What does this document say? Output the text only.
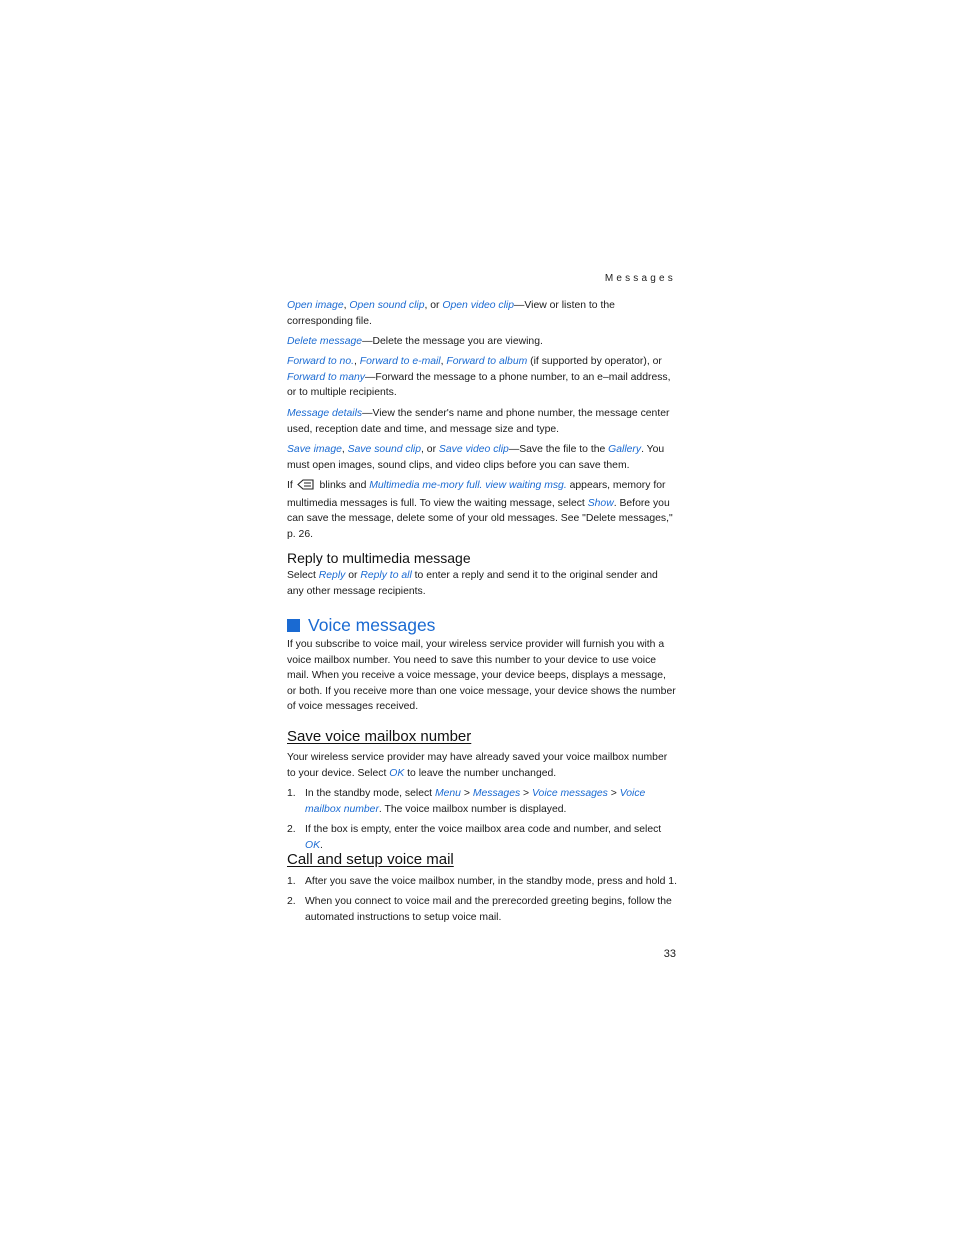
Messages

Open image, Open sound clip, or Open video clip—View or listen to the corresponding file.

Delete message—Delete the message you are viewing.

Forward to no., Forward to e-mail, Forward to album (if supported by operator), or Forward to many—Forward the message to a phone number, to an e–mail address, or to multiple recipients.

Message details—View the sender's name and phone number, the message center used, reception date and time, and message size and type.

Save image, Save sound clip, or Save video clip—Save the file to the Gallery. You must open images, sound clips, and video clips before you can save them.

If  blinks and Multimedia me-mory full. view waiting msg. appears, memory for multimedia messages is full. To view the waiting message, select Show. Before you can save the message, delete some of your old messages. See "Delete messages," p. 26.

Reply to multimedia message

Select Reply or Reply to all to enter a reply and send it to the original sender and any other message recipients.

Voice messages

If you subscribe to voice mail, your wireless service provider will furnish you with a voice mailbox number. You need to save this number to your device to use voice mail. When you receive a voice message, your device beeps, displays a message, or both. If you receive more than one voice message, your device shows the number of voice messages received.

Save voice mailbox number

Your wireless service provider may have already saved your voice mailbox number to your device. Select OK to leave the number unchanged.

1. In the standby mode, select Menu > Messages > Voice messages > Voice mailbox number. The voice mailbox number is displayed.
2. If the box is empty, enter the voice mailbox area code and number, and select OK.
Call and setup voice mail
1. After you save the voice mailbox number, in the standby mode, press and hold 1.
2. When you connect to voice mail and the prerecorded greeting begins, follow the automated instructions to setup voice mail.
33
